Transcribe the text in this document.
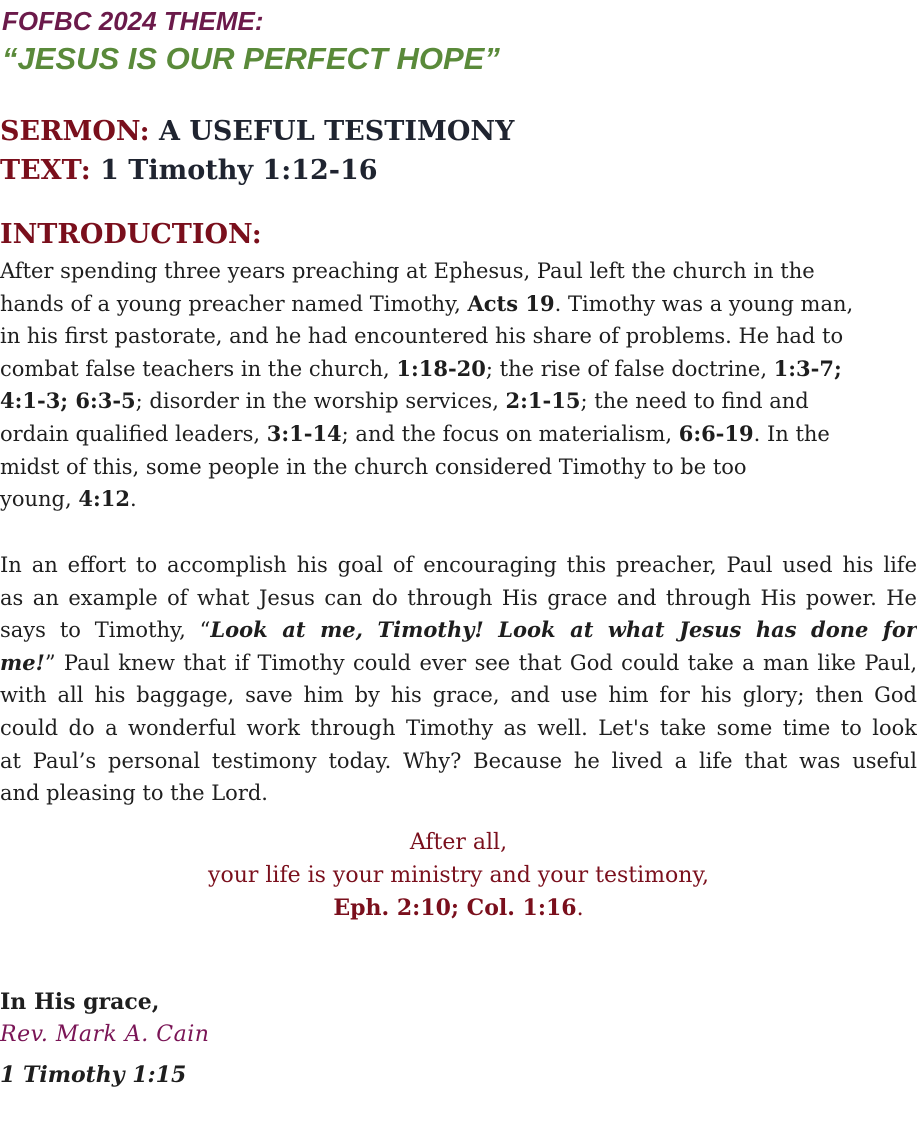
FOFBC 2024 THEME:
“JESUS IS OUR PERFECT HOPE”
SERMON: A USEFUL TESTIMONY
TEXT: 1 Timothy 1:12-16
INTRODUCTION:
After spending three years preaching at Ephesus, Paul left the church in the
hands of a young preacher named Timothy, Acts 19. Timothy was a young man,
in his first pastorate, and he had encountered his share of problems. He had to
combat false teachers in the church, 1:18-20; the rise of false doctrine, 1:3-7;
4:1-3; 6:3-5; disorder in the worship services, 2:1-15; the need to find and
ordain qualified leaders, 3:1-14; and the focus on materialism, 6:6-19. In the
midst of this, some people in the church considered Timothy to be too
young, 4:12.
In an effort to accomplish his goal of encouraging this preacher, Paul used his life
as an example of what Jesus can do through His grace and through His power. He
says to Timothy, “Look at me, Timothy! Look at what Jesus has done for
me!” Paul knew that if Timothy could ever see that God could take a man like Paul,
with all his baggage, save him by his grace, and use him for his glory; then God
could do a wonderful work through Timothy as well. Let's take some time to look
at Paul’s personal testimony today. Why? Because he lived a life that was useful
and pleasing to the Lord.
After all,
your life is your ministry and your testimony,
Eph. 2:10; Col. 1:16.
In His grace,
Rev. Mark A. Cain
1 Timothy 1:15
